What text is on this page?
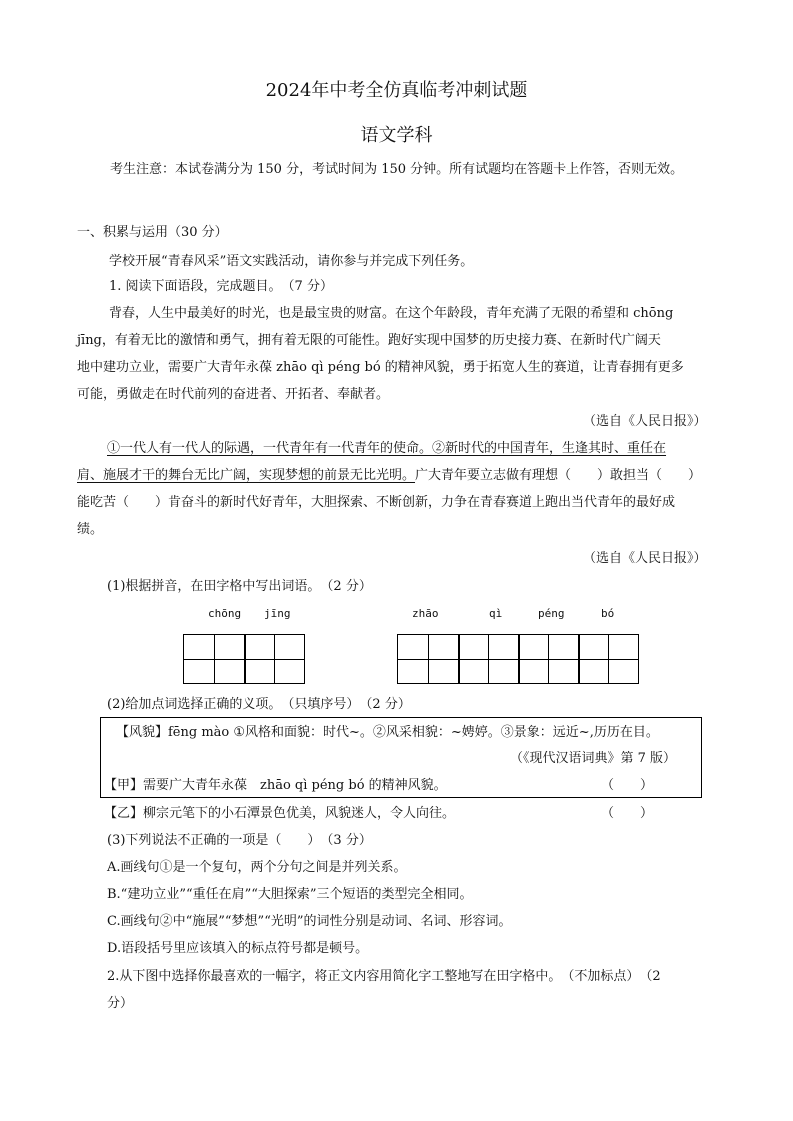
2024年中考全仿真临考冲刺试题
语文学科
考生注意：本试卷满分为 150 分，考试时间为 150 分钟。所有试题均在答题卡上作答，否则无效。
一、积累与运用（30 分）
学校开展“青春风采”语文实践活动，请你参与并完成下列任务。
1. 阅读下面语段，完成题目。　（7 分）
背春，人生中最美好的时光，也是最宝贵的财富。在这个年龄段，青年充满了无限的希望和 chōng
jīng，有着无比的激情和勇气，拥有着无限的可能性。跑好实现中国梦的历史接力赛、在新时代广阔天
地中建功立业，需要广大青年永葆 zhāo qì péng bó 的精神风貌，勇于拓宽人生的赛道，让青春拥有更多
可能，勇做走在时代前列的奋进者、开拓者、奉献者。
（选自《人民日报》）
①一代人有一代人的际遇，一代青年有一代青年的使命。②新时代的中国青年，生逢其时、重任在
肩、施展才干的舞台无比广阔，实现梦想的前景无比光明。广大青年要立志做有理想（　　）敢担当（　　）
能吃苦（　　）肯奋斗的新时代好青年，大胆探索、不断创新，力争在青春赛道上跑出当代青年的最好成
绩。
（选自《人民日报》）
(1)根据拼音，在田字格中写出词语。　（2 分）
chōng jīng	zhāo	qì	péng	bó
(2)给加点词选择正确的义项。　（只填序号）　（2 分）
【风貌】fēng mào ①风格和面貌：时代~。②风采相貌：~娉婷。③景象：远近~,历历在目。
（《现代汉语词典》第 7 版）
【甲】需要广大青年永葆　zhāo qì péng bó 的精神风貌。	（　　）
【乙】柳宗元笔下的小石潭景色优美，风貌迷人，令人向往。	（　　）
(3)下列说法不正确的一项是（　　）　（3 分）
A.画线句①是一个复句，两个分句之间是并列关系。
B.“建功立业”“重任在肩”“大胆探索”三个短语的类型完全相同。
C.画线句②中“施展”“梦想”“光明”的词性分别是动词、名词、形容词。
D.语段括号里应该填入的标点符号都是顿号。
2.从下图中选择你最喜欢的一幅字，将正文内容用简化字工整地写在田字格中。　（不加标点）　（2
分）
